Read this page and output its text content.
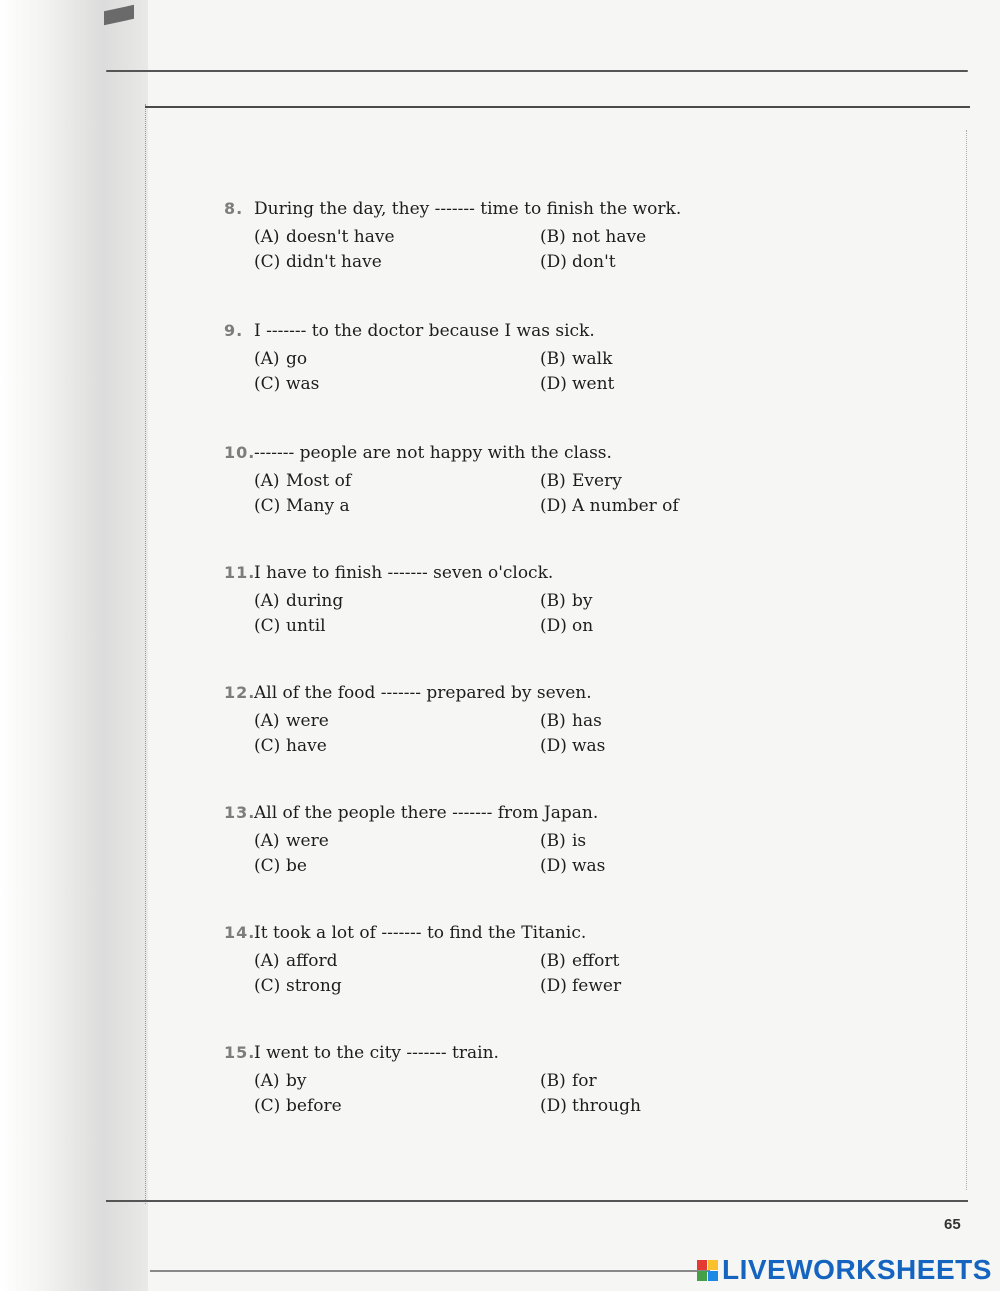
8. During the day, they ------- time to finish the work.
(A) doesn't have	(B) not have
(C) didn't have	(D) don't
9. I ------- to the doctor because I was sick.
(A) go	(B) walk
(C) was	(D) went
10.
------- people are not happy with the class.
(A) Most of	(B) Every
(C) Many a	(D) A number of
11.
I have to finish ------- seven o'clock.
(A) during	(B) by
(C) until	(D) on
12.
All of the food ------- prepared by seven.
(A) were	(B) has
(C) have	(D) was
13.
All of the people there ------- from Japan.
(A) were	(B) is
(C) be	(D) was
14.
It took a lot of ------- to find the Titanic.
(A) afford	(B) effort
(C) strong	(D) fewer
15.
I went to the city ------- train.
(A) by	(B) for
(C) before	(D) through
65
LIVEWORKSHEETS
